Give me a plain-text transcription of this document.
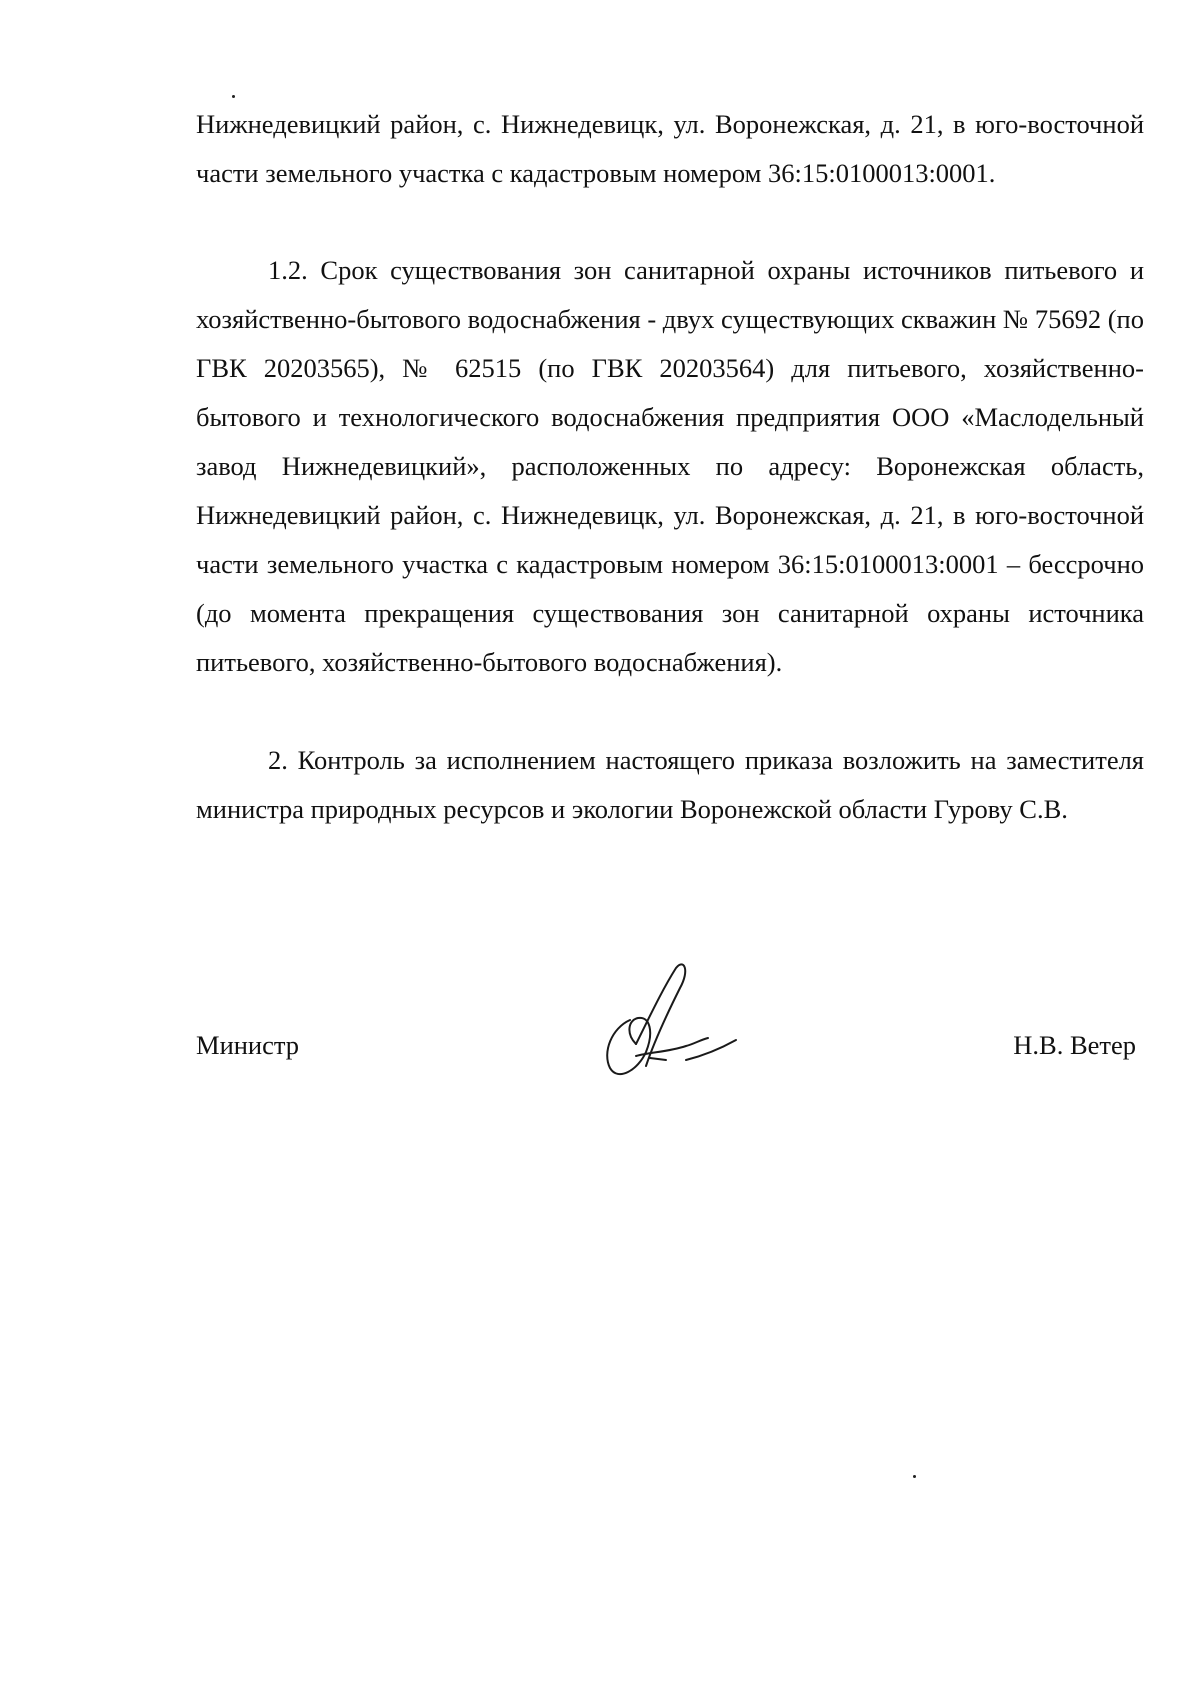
Нижнедевицкий район, с. Нижнедевицк, ул. Воронежская, д. 21, в юго-восточной части земельного участка с кадастровым номером 36:15:0100013:0001.

1.2. Срок существования зон санитарной охраны источников питьевого и хозяйственно-бытового водоснабжения - двух существующих скважин № 75692 (по ГВК 20203565), № 62515 (по ГВК 20203564) для питьевого, хозяйственно-бытового и технологического водоснабжения предприятия ООО «Маслодельный завод Нижнедевицкий», расположенных по адресу: Воронежская область, Нижнедевицкий район, с. Нижнедевицк, ул. Воронежская, д. 21, в юго-восточной части земельного участка с кадастровым номером 36:15:0100013:0001 – бессрочно (до момента прекращения существования зон санитарной охраны источника питьевого, хозяйственно-бытового водоснабжения).

2. Контроль за исполнением настоящего приказа возложить на заместителя министра природных ресурсов и экологии Воронежской области Гурову С.В.

Министр	Н.В. Ветер
